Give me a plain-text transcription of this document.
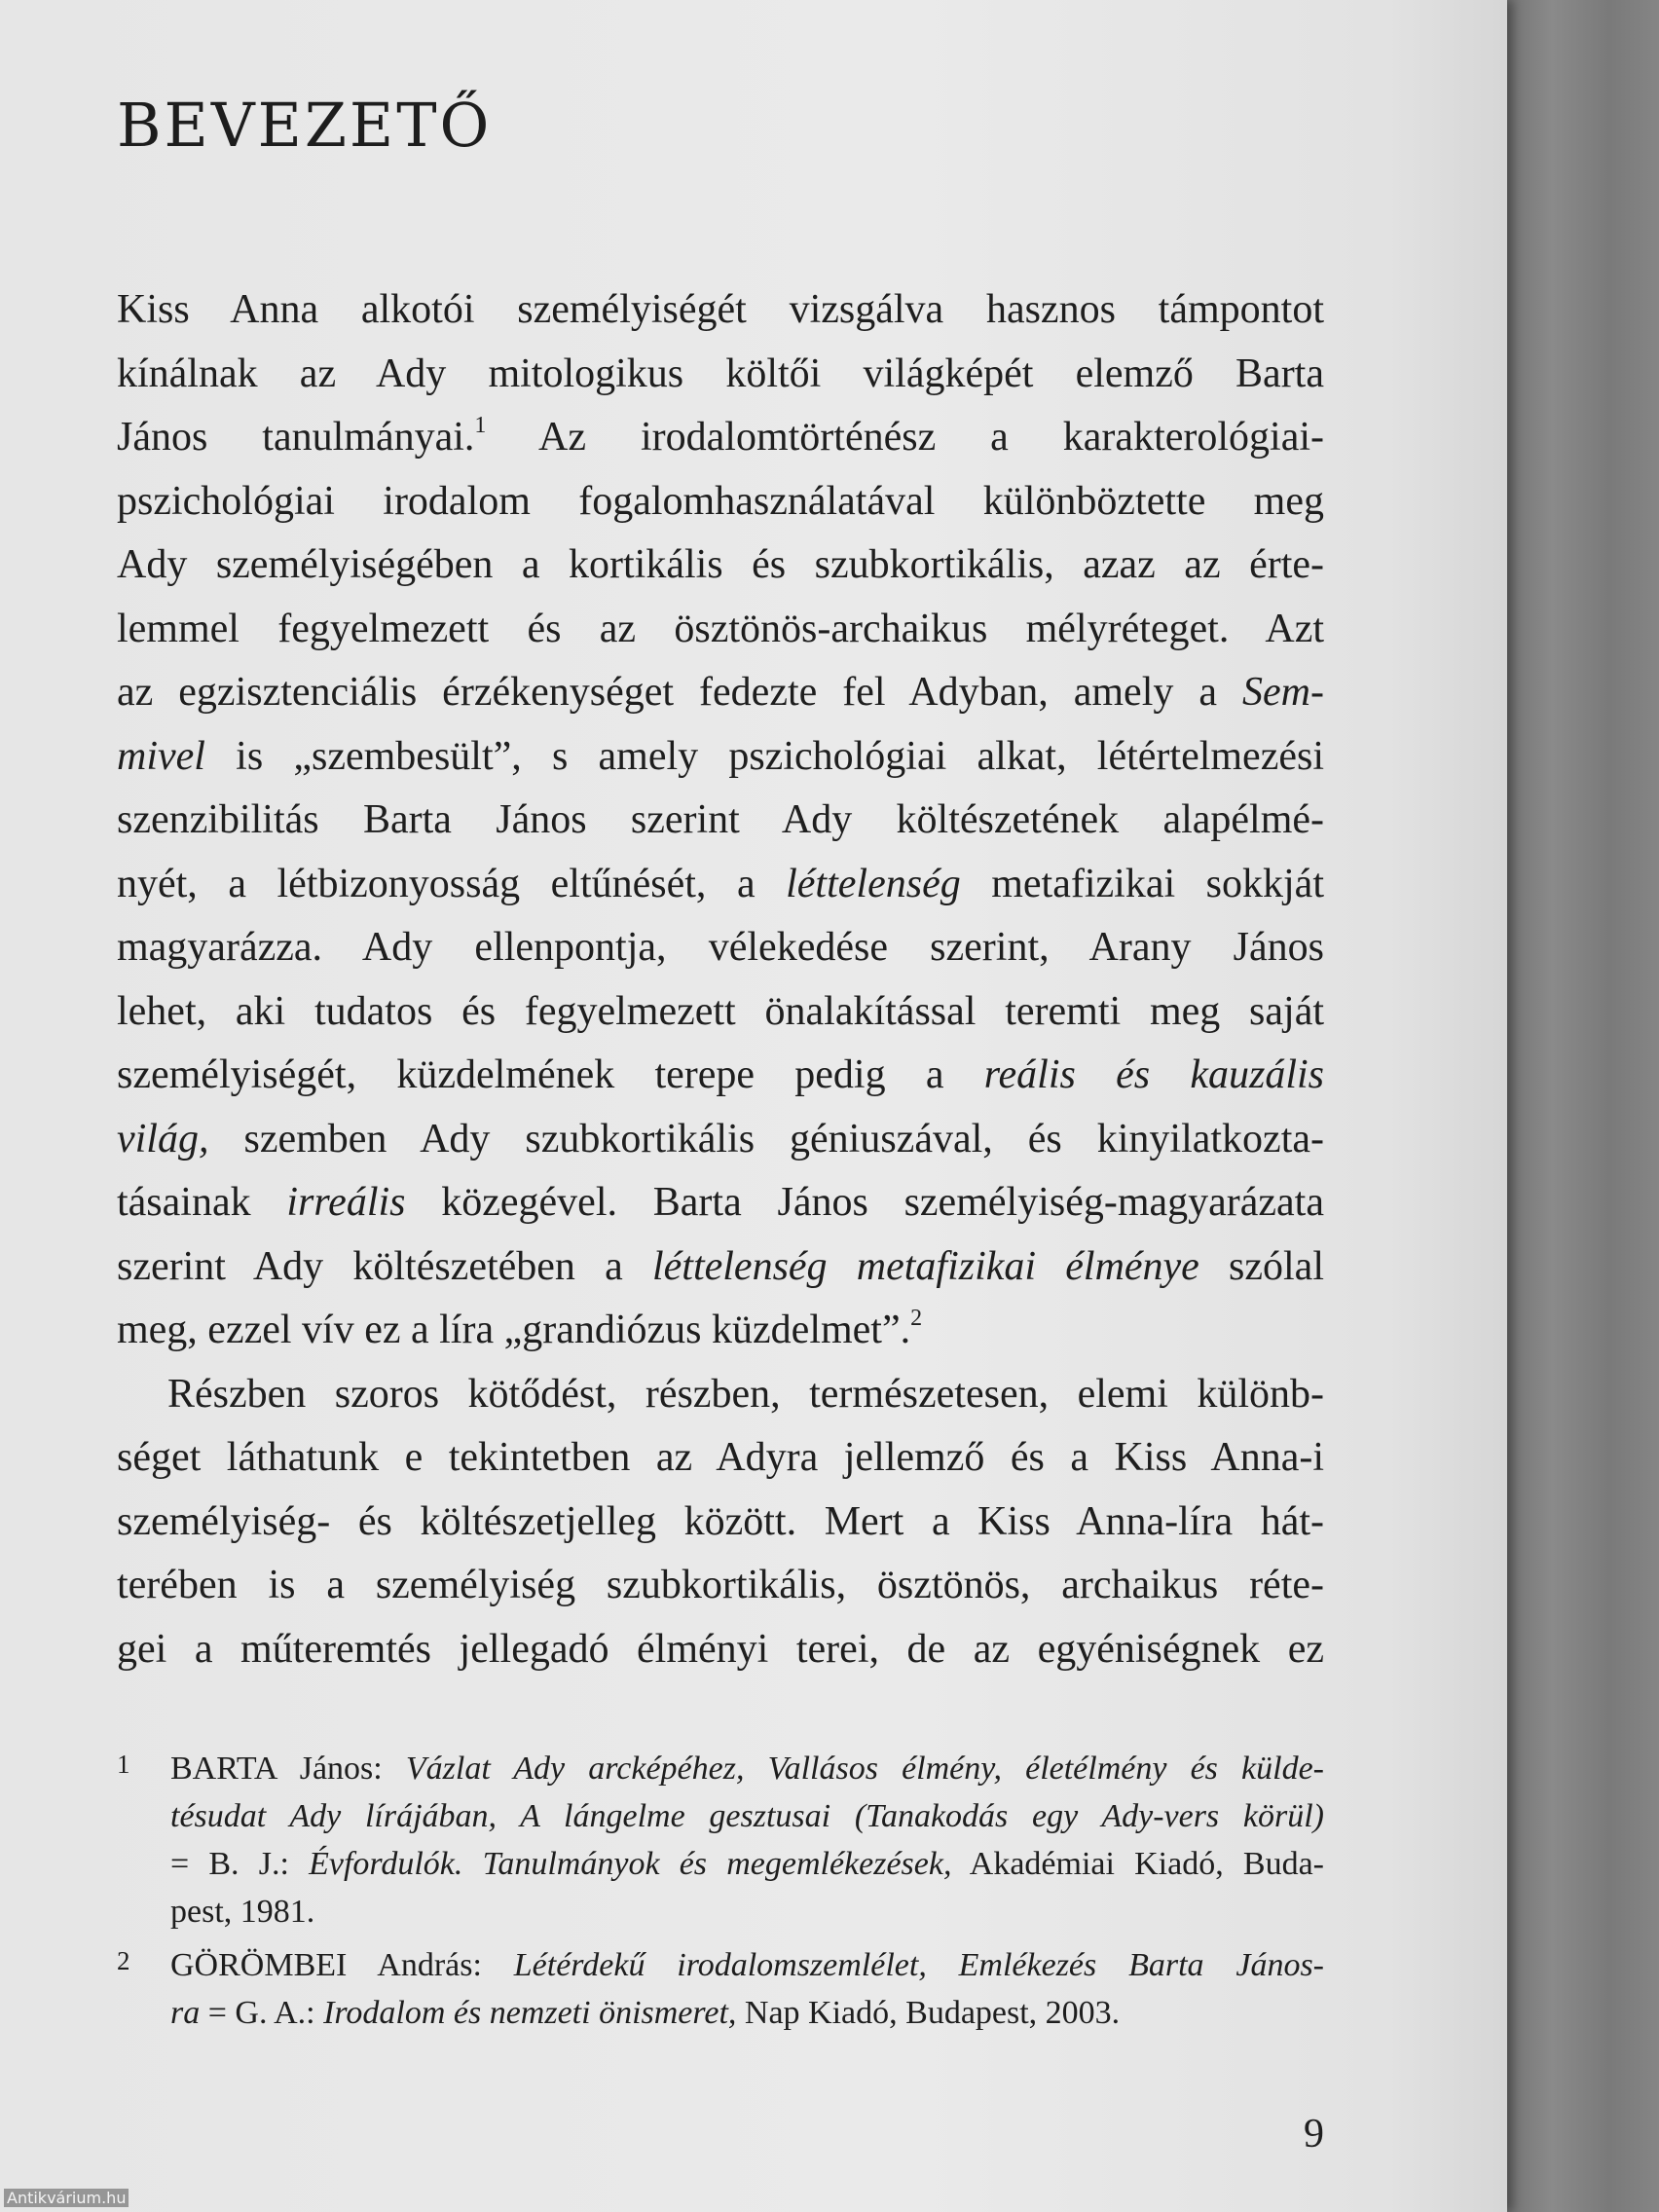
BEVEZETŐ
Kiss Anna alkotói személyiségét vizsgálva hasznos támpontot
kínálnak az Ady mitologikus költői világképét elemző Barta
János tanulmányai.$^1$ Az irodalomtörténész a karakterológiai-
pszichológiai irodalom fogalomhasználatával különböztette meg
Ady személyiségében a kortikális és szubkortikális, azaz az érte-
lemmel fegyelmezett és az ösztönös-archaikus mélyréteget. Azt
az egzisztenciális érzékenységet fedezte fel Adyban, amely a Sem-
mivel is „szembesült”, s amely pszichológiai alkat, létértelmezési
szenzibilitás Barta János szerint Ady költészetének alapélmé-
nyét, a létbizonyosság eltűnését, a léttelenség metafizikai sokkját
magyarázza. Ady ellenpontja, vélekedése szerint, Arany János
lehet, aki tudatos és fegyelmezett önalakítással teremti meg saját
személyiségét, küzdelmének terepe pedig a reális és kauzális
világ, szemben Ady szubkortikális géniuszával, és kinyilatkozta-
tásainak irreális közegével. Barta János személyiség-magyarázata
szerint Ady költészetében a léttelenség metafizikai élménye szólal
meg, ezzel vív ez a líra „grandiózus küzdelmet”.$^2$
Részben szoros kötődést, részben, természetesen, elemi különb-
séget láthatunk e tekintetben az Adyra jellemző és a Kiss Anna-i
személyiség- és költészetjelleg között. Mert a Kiss Anna-líra hát-
terében is a személyiség szubkortikális, ösztönös, archaikus réte-
gei a műteremtés jellegadó élményi terei, de az egyéniségnek ez
1 BARTA János: Vázlat Ady arcképéhez, Vallásos élmény, életélmény és külde-
tésudat Ady lírájában, A lángelme gesztusai (Tanakodás egy Ady-vers körül)
= B. J.: Évfordulók. Tanulmányok és megemlékezések, Akadémiai Kiadó, Buda-
pest, 1981.
2 GÖRÖMBEI András: Létérdekű irodalomszemlélet, Emlékezés Barta János-
ra = G. A.: Irodalom és nemzeti önismeret, Nap Kiadó, Budapest, 2003.
9
Antikvárium.hu
